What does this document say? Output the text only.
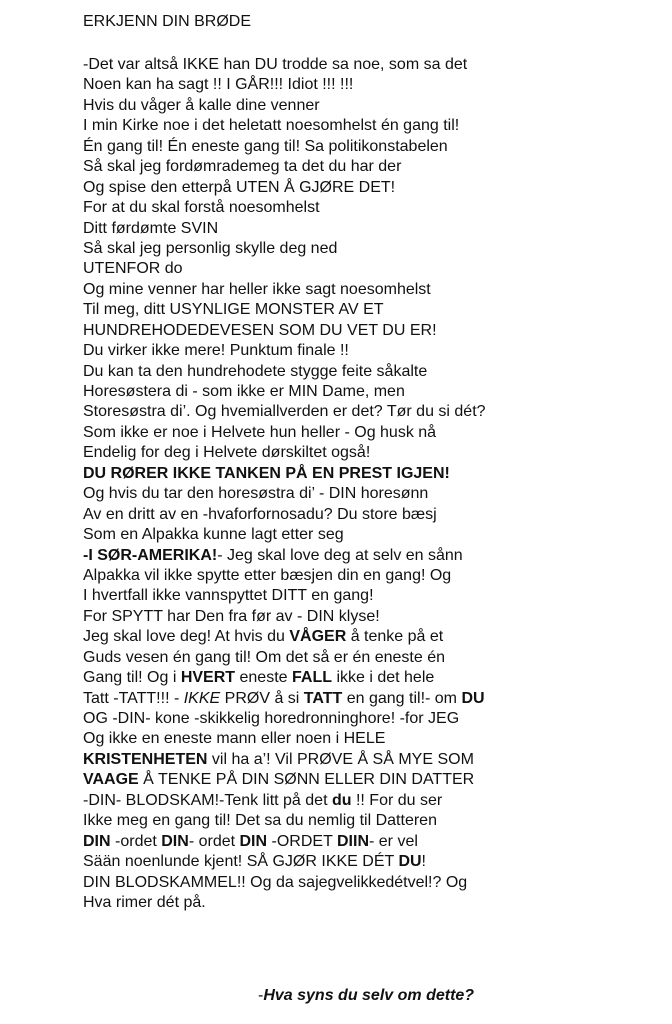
ERKJENN DIN BRØDE
-Det var altså IKKE han DU trodde sa noe, som sa det
Noen kan ha sagt !! I GÅR!!! Idiot !!! !!!
Hvis du våger å kalle dine venner
I min Kirke noe i det heletatt noesomhelst én gang til!
Én gang til! Én eneste gang til! Sa politikonstabelen
Så skal jeg fordømrademeg ta det du har der
Og spise den etterpå UTEN Å GJØRE DET!
For at du skal forstå noesomhelst
Ditt førdømte SVIN
Så skal jeg personlig skylle deg ned
UTENFOR do
Og mine venner har heller ikke sagt noesomhelst
Til meg, ditt USYNLIGE MONSTER AV ET
HUNDREHODEDEVESEN SOM DU VET DU ER!
Du virker ikke mere! Punktum finale !!
Du kan ta den hundrehodete stygge feite såkalte
Horesøstera di - som ikke er MIN Dame, men
Storesøstra di’. Og hvemiallverden er det? Tør du si dét?
Som ikke er noe i Helvete hun heller - Og husk nå
Endelig for deg i Helvete dørskiltet også!
DU RØRER IKKE TANKEN PÅ EN PREST IGJEN!
Og hvis du tar den horesøstra di’ - DIN horesønn
Av en dritt av en -hvaforfornosadu? Du store bæsj
Som en Alpakka kunne lagt etter seg
-I SØR-AMERIKA!- Jeg skal love deg at selv en sånn
Alpakka vil ikke spytte etter bæsjen din en gang! Og
I hvertfall ikke vannspyttet DITT en gang!
For SPYTT har Den fra før av - DIN klyse!
Jeg skal love deg! At hvis du VÅGER å tenke på et
Guds vesen én gang til! Om det så er én eneste én
Gang til! Og i HVERT eneste FALL ikke i det hele
Tatt -TATT!!! - IKKE PRØV å si TATT en gang til!- om DU
OG -DIN- kone -skikkelig horedronninghore! -for JEG
Og ikke en eneste mann eller noen i HELE
KRISTENHETEN vil ha a’! Vil PRØVE Å SÅ MYE SOM
VAAGE Å TENKE PÅ DIN SØNN ELLER DIN DATTER
-DIN- BLODSKAM!-Tenk litt på det du !! For du ser
Ikke meg en gang til! Det sa du nemlig til Datteren
DIN -ordet DIN- ordet DIN -ORDET DIIN- er vel
Sään noenlunde kjent! SÅ GJØR IKKE DÉT DU!
DIN BLODSKAMMEL!! Og da sajegvelikkedétvel!? Og
Hva rimer dét på.
-Hva syns du selv om dette?
